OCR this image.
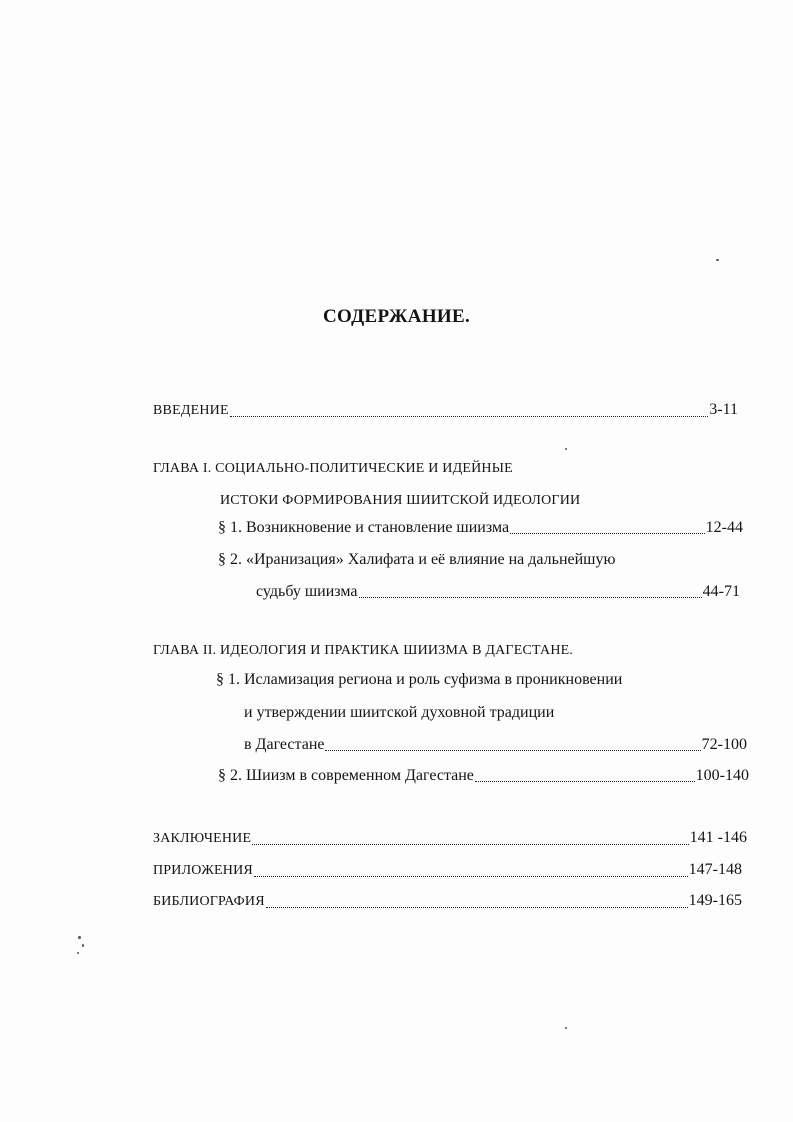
СОДЕРЖАНИЕ.
ВВЕДЕНИЕ	3-11
ГЛАВА I. СОЦИАЛЬНО-ПОЛИТИЧЕСКИЕ И ИДЕЙНЫЕ
ИСТОКИ ФОРМИРОВАНИЯ ШИИТСКОЙ ИДЕОЛОГИИ
§ 1. Возникновение и становление шиизма	12-44
§ 2. «Иранизация» Халифата и её влияние на дальнейшую
судьбу шиизма	44-71
ГЛАВА II. ИДЕОЛОГИЯ И ПРАКТИКА ШИИЗМА В ДАГЕСТАНЕ.
§ 1. Исламизация региона и роль суфизма в проникновении
и утверждении шиитской духовной традиции
в Дагестане	72-100
§ 2. Шиизм в современном Дагестане	100-140
ЗАКЛЮЧЕНИЕ	141 -146
ПРИЛОЖЕНИЯ	147-148
БИБЛИОГРАФИЯ	149-165
